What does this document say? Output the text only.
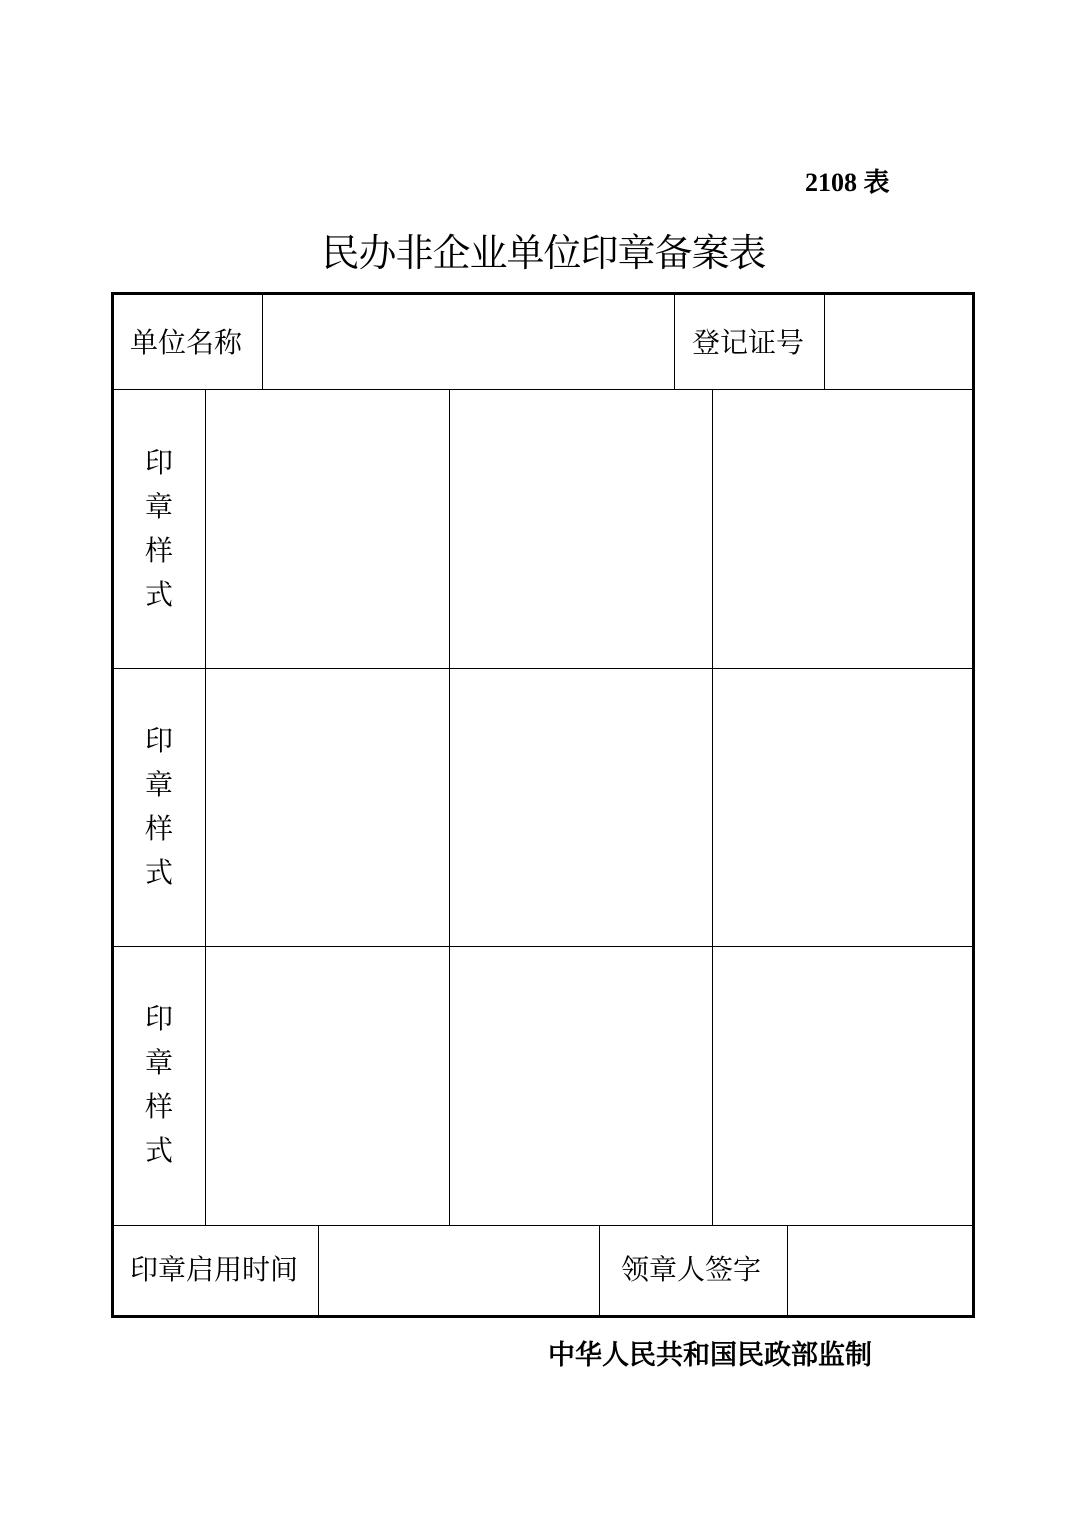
2108 表
民办非企业单位印章备案表
单位名称	登记证号
印章样式
印章样式
印章样式
印章启用时间	领章人签字
中华人民共和国民政部监制
